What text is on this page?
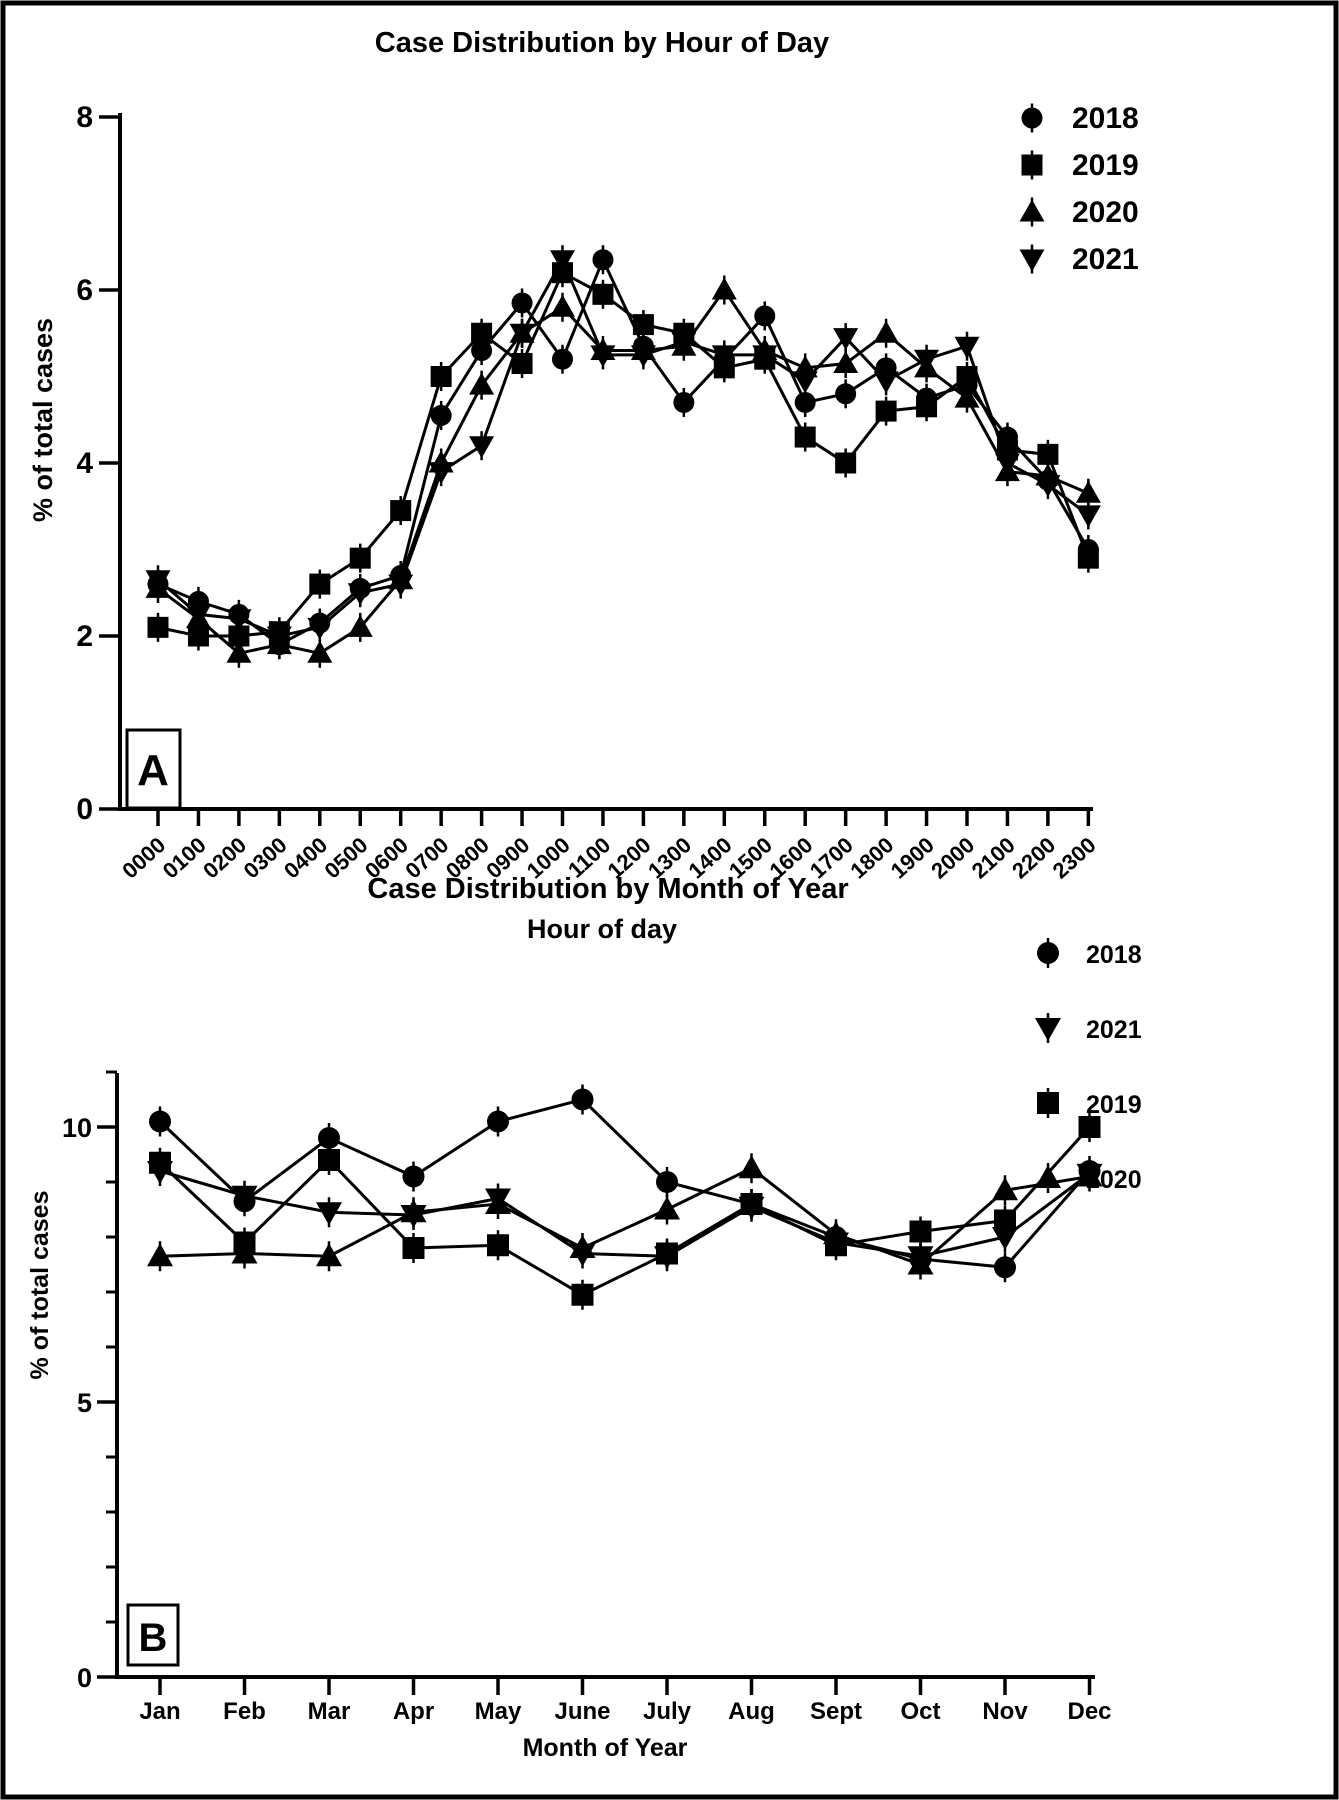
Case Distribution by Hour of Day
% of total cases
Hour of day
0
2
4
6
8
0000
0100
0200
0300
0400
0500
0600
0700
0800
0900
1000
1100
1200
1300
1400
1500
1600
1700
1800
1900
2000
2100
2200
2300
2018
2019
2020
2021
A
Case Distribution by Month of Year
% of total cases
Month of Year
0
5
10
Jan Feb Mar Apr May June July Aug Sept Oct Nov Dec
2018
2021
2019
2020
B
